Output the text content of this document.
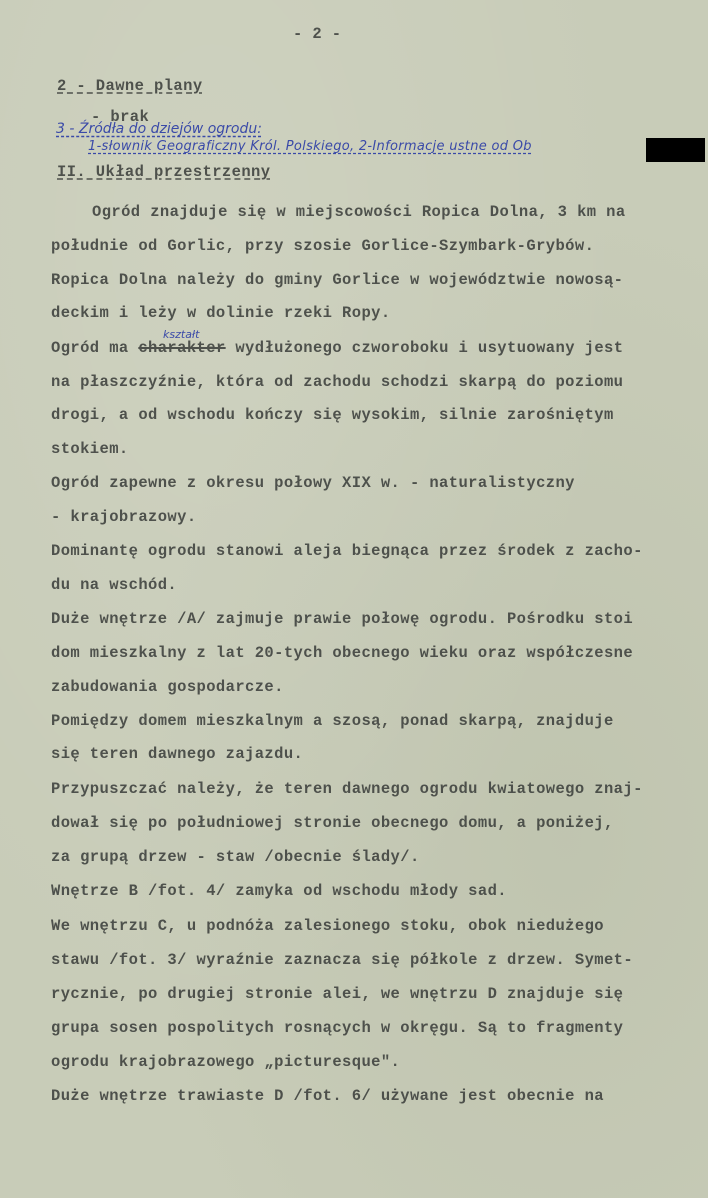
- 2 -
2 - Dawne plany
- brak
3 - Źródła do dziejów ogrodu:
1-słownik Geograficzny Król. Polskiego, 2-Informacje ustne od Ob
II. Układ przestrzenny
Ogród znajduje się w miejscowości Ropica Dolna, 3 km na
południe od Gorlic, przy szosie Gorlice-Szymbark-Grybów.
Ropica Dolna należy do gminy Gorlice w województwie nowosą-
deckim i leży w dolinie rzeki Ropy.
kształt
Ogród ma charakter wydłużonego czworoboku i usytuowany jest
na płaszczyźnie, która od zachodu schodzi skarpą do poziomu
drogi, a od wschodu kończy się wysokim, silnie zarośniętym
stokiem.
Ogród zapewne z okresu połowy XIX w. - naturalistyczny
- krajobrazowy.
Dominantę ogrodu stanowi aleja biegnąca przez środek z zacho-
du na wschód.
Duże wnętrze /A/ zajmuje prawie połowę ogrodu. Pośrodku stoi
dom mieszkalny z lat 20-tych obecnego wieku oraz współczesne
zabudowania gospodarcze.
Pomiędzy domem mieszkalnym a szosą, ponad skarpą, znajduje
się teren dawnego zajazdu.
Przypuszczać należy, że teren dawnego ogrodu kwiatowego znaj-
dował się po południowej stronie obecnego domu, a poniżej,
za grupą drzew - staw /obecnie ślady/.
Wnętrze B /fot. 4/ zamyka od wschodu młody sad.
We wnętrzu C, u podnóża zalesionego stoku, obok niedużego
stawu /fot. 3/ wyraźnie zaznacza się półkole z drzew. Symet-
rycznie, po drugiej stronie alei, we wnętrzu D znajduje się
grupa sosen pospolitych rosnących w okręgu. Są to fragmenty
ogrodu krajobrazowego „picturesque".
Duże wnętrze trawiaste D /fot. 6/ używane jest obecnie na
